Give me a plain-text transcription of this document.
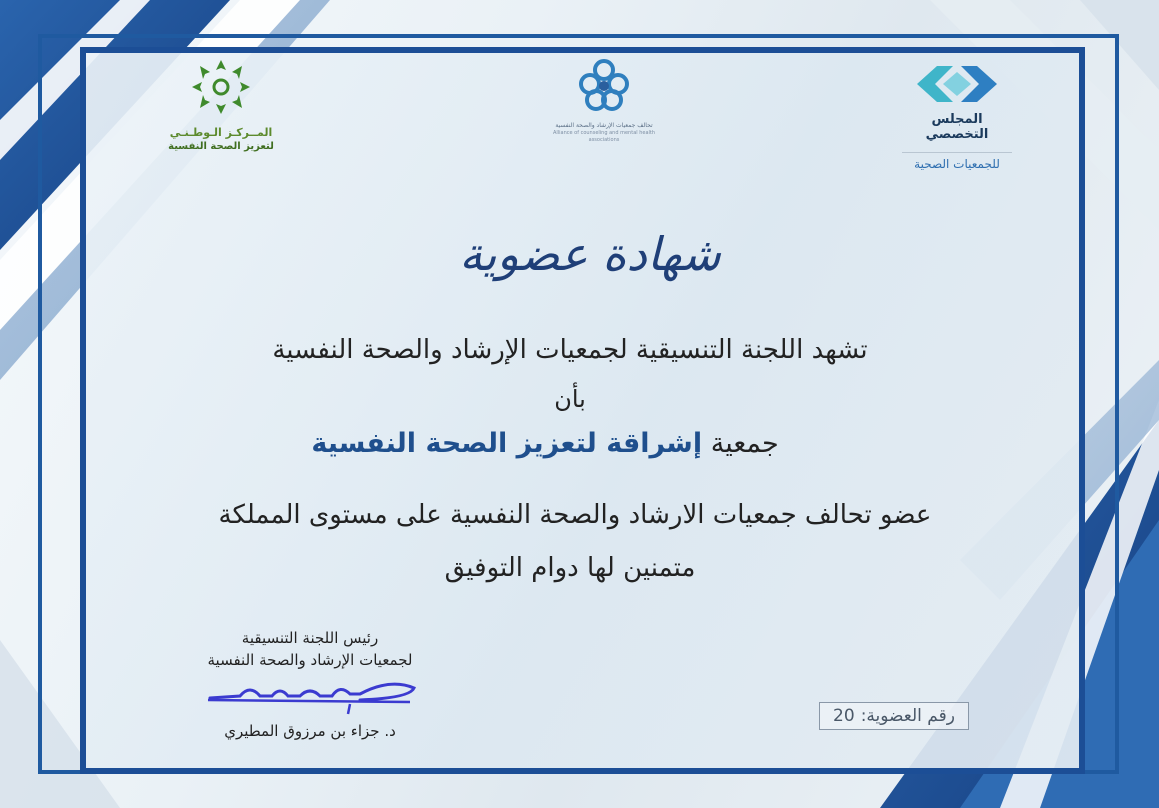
المجلس التخصصي
للجمعيات الصحية
تحالف جمعيات الإرشاد والصحة النفسية
Alliance of counseling and mental health associations
المــركـز الـوطـنـي
لتعزيز الصحة النفسية
شهادة عضوية
تشهد اللجنة التنسيقية لجمعيات الإرشاد والصحة النفسية
بأن
جمعية إشراقة لتعزيز الصحة النفسية
عضو تحالف جمعيات الارشاد والصحة النفسية على مستوى المملكة
متمنين لها دوام التوفيق
رئيس اللجنة التنسيقية
لجمعيات الإرشاد والصحة النفسية
د. جزاء بن مرزوق المطيري
رقم العضوية:
20
